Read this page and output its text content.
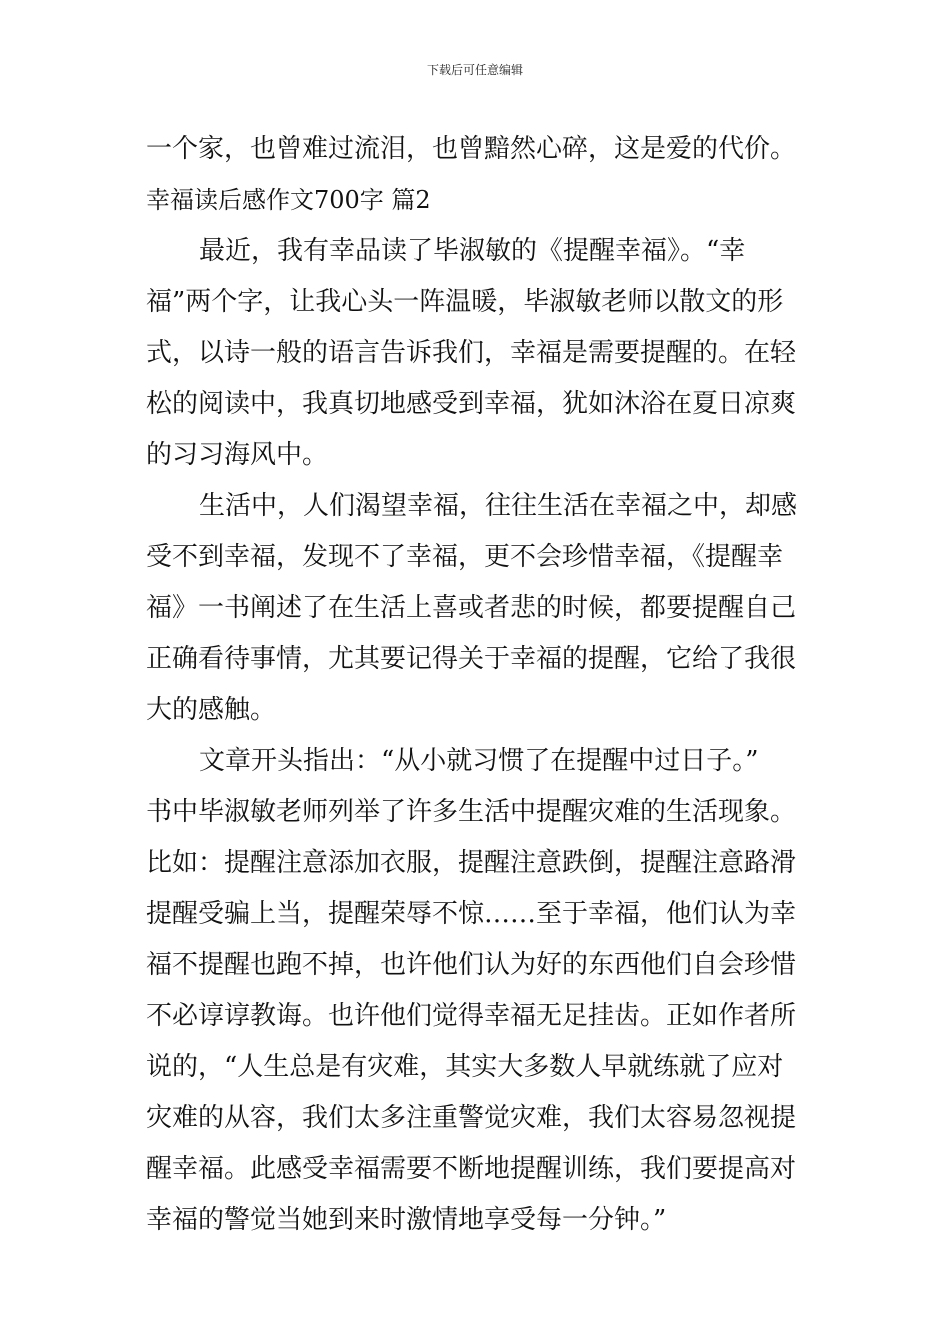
下载后可任意编辑
一个家，也曾难过流泪，也曾黯然心碎，这是爱的代价。
幸福读后感作文700字 篇2
最近，我有幸品读了毕淑敏的《提醒幸福》。“幸
福”两个字，让我心头一阵温暖，毕淑敏老师以散文的形
式，以诗一般的语言告诉我们，幸福是需要提醒的。在轻
松的阅读中，我真切地感受到幸福，犹如沐浴在夏日凉爽
的习习海风中。
生活中，人们渴望幸福，往往生活在幸福之中，却感
受不到幸福，发现不了幸福，更不会珍惜幸福，《提醒幸
福》一书阐述了在生活上喜或者悲的时候，都要提醒自己
正确看待事情，尤其要记得关于幸福的提醒，它给了我很
大的感触。
文章开头指出：“从小就习惯了在提醒中过日子。”
书中毕淑敏老师列举了许多生活中提醒灾难的生活现象。
比如：提醒注意添加衣服，提醒注意跌倒，提醒注意路滑
提醒受骗上当，提醒荣辱不惊……至于幸福，他们认为幸
福不提醒也跑不掉，也许他们认为好的东西他们自会珍惜
不必谆谆教诲。也许他们觉得幸福无足挂齿。正如作者所
说的，“人生总是有灾难，其实大多数人早就练就了应对
灾难的从容，我们太多注重警觉灾难，我们太容易忽视提
醒幸福。此感受幸福需要不断地提醒训练，我们要提高对
幸福的警觉当她到来时激情地享受每一分钟。”
